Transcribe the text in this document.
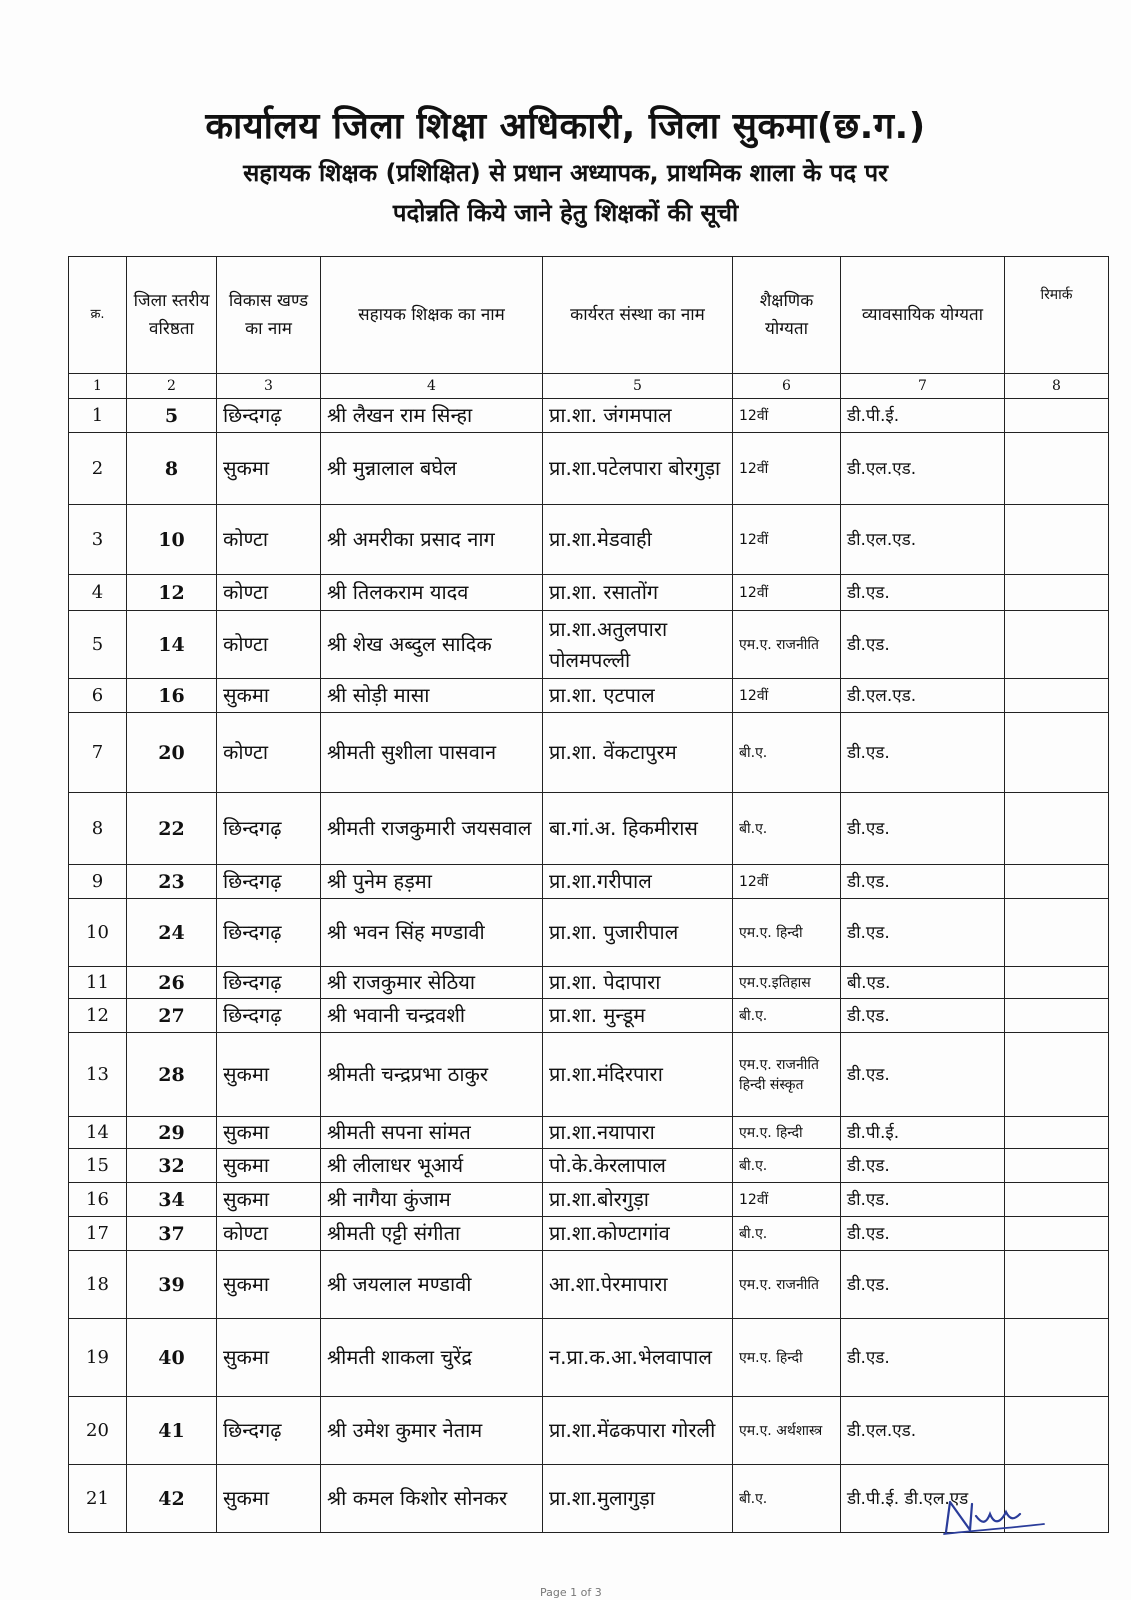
कार्यालय जिला शिक्षा अधिकारी, जिला सुकमा(छ.ग.)
सहायक शिक्षक (प्रशिक्षित) से प्रधान अध्यापक, प्राथमिक शाला के पद पर
पदोन्नति किये जाने हेतु शिक्षकों की सूची
क्र.	जिला स्तरीय वरिष्ठता	विकास खण्ड का नाम	सहायक शिक्षक का नाम	कार्यरत संस्था का नाम	शैक्षणिक योग्यता	व्यावसायिक योग्यता	रिमार्क
1	2	3	4	5	6	7	8
1	5	छिन्दगढ़	श्री लैखन राम सिन्हा	प्रा.शा. जंगमपाल	12वीं	डी.पी.ई.	
2	8	सुकमा	श्री मुन्नालाल बघेल	प्रा.शा.पटेलपारा बोरगुड़ा	12वीं	डी.एल.एड.	
3	10	कोण्टा	श्री अमरीका प्रसाद नाग	प्रा.शा.मेडवाही	12वीं	डी.एल.एड.	
4	12	कोण्टा	श्री तिलकराम यादव	प्रा.शा. रसातोंग	12वीं	डी.एड.	
5	14	कोण्टा	श्री शेख अब्दुल सादिक	प्रा.शा.अतुलपारा पोलमपल्ली	एम.ए. राजनीति	डी.एड.	
6	16	सुकमा	श्री सोड़ी मासा	प्रा.शा. एटपाल	12वीं	डी.एल.एड.	
7	20	कोण्टा	श्रीमती सुशीला पासवान	प्रा.शा. वेंकटापुरम	बी.ए.	डी.एड.	
8	22	छिन्दगढ़	श्रीमती राजकुमारी जयसवाल	बा.गां.अ. हिकमीरास	बी.ए.	डी.एड.	
9	23	छिन्दगढ़	श्री पुनेम हड़मा	प्रा.शा.गरीपाल	12वीं	डी.एड.	
10	24	छिन्दगढ़	श्री भवन सिंह मण्डावी	प्रा.शा. पुजारीपाल	एम.ए. हिन्दी	डी.एड.	
11	26	छिन्दगढ़	श्री राजकुमार सेठिया	प्रा.शा. पेदापारा	एम.ए.इतिहास	बी.एड.	
12	27	छिन्दगढ़	श्री भवानी चन्द्रवशी	प्रा.शा. मुन्डूम	बी.ए.	डी.एड.	
13	28	सुकमा	श्रीमती चन्द्रप्रभा ठाकुर	प्रा.शा.मंदिरपारा	एम.ए. राजनीति हिन्दी संस्कृत	डी.एड.	
14	29	सुकमा	श्रीमती सपना सांमत	प्रा.शा.नयापारा	एम.ए. हिन्दी	डी.पी.ई.	
15	32	सुकमा	श्री लीलाधर भूआर्य	पो.के.केरलापाल	बी.ए.	डी.एड.	
16	34	सुकमा	श्री नागैया कुंजाम	प्रा.शा.बोरगुड़ा	12वीं	डी.एड.	
17	37	कोण्टा	श्रीमती एट्टी संगीता	प्रा.शा.कोण्टागांव	बी.ए.	डी.एड.	
18	39	सुकमा	श्री जयलाल मण्डावी	आ.शा.पेरमापारा	एम.ए. राजनीति	डी.एड.	
19	40	सुकमा	श्रीमती शाकला चुरेंद्र	न.प्रा.क.आ.भेलवापाल	एम.ए. हिन्दी	डी.एड.	
20	41	छिन्दगढ़	श्री उमेश कुमार नेताम	प्रा.शा.मेंढकपारा गोरली	एम.ए. अर्थशास्त्र	डी.एल.एड.	
21	42	सुकमा	श्री कमल किशोर सोनकर	प्रा.शा.मुलागुड़ा	बी.ए.	डी.पी.ई. डी.एल.एड	
Page 1 of 3
